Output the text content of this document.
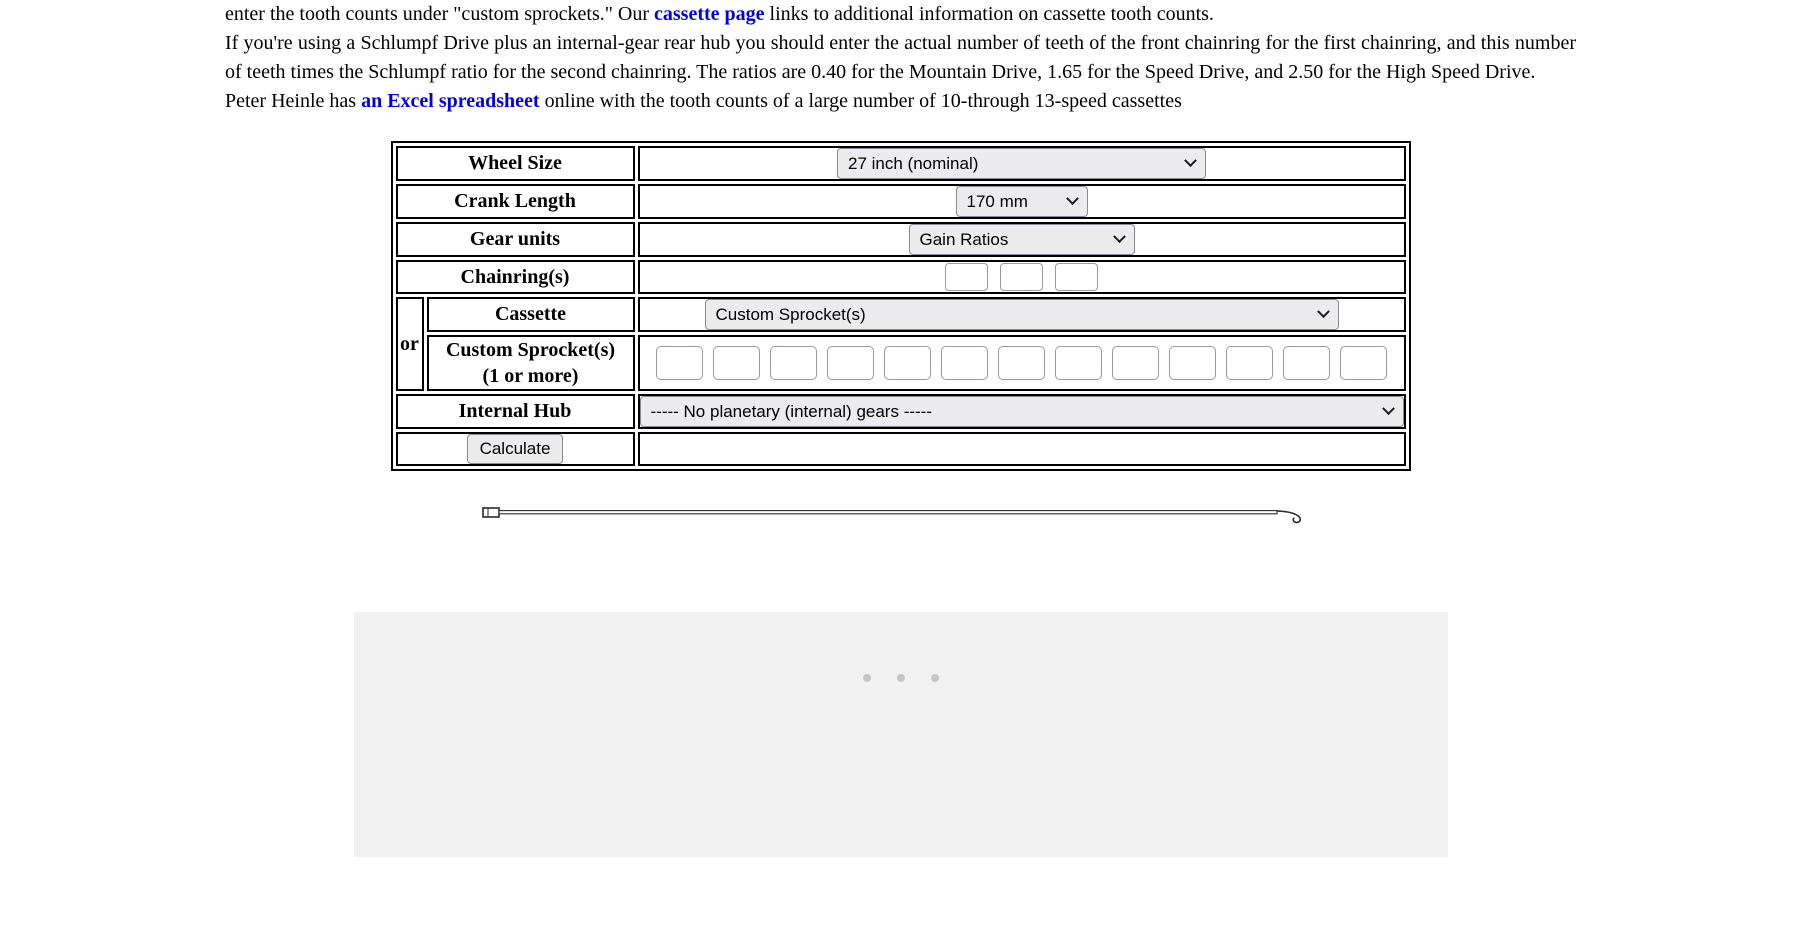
enter the tooth counts under "custom sprockets." Our cassette page links to additional information on cassette tooth counts.

If you're using a Schlumpf Drive plus an internal-gear rear hub you should enter the actual number of teeth of the front chainring for the first chainring, and this number of teeth times the Schlumpf ratio for the second chainring. The ratios are 0.40 for the Mountain Drive, 1.65 for the Speed Drive, and 2.50 for the High Speed Drive.

Peter Heinle has an Excel spreadsheet online with the tooth counts of a large number of 10-through 13-speed cassettes

Wheel Size		27 inch (nominal)

Crank Length		170 mm

Gear units		Gain Ratios

Chainring(s)	

or	Cassette	Custom Sprocket(s)

	Custom Sprocket(s)
(1 or more)	

Internal Hub		----- No planetary (internal) gears -----

Calculate		
